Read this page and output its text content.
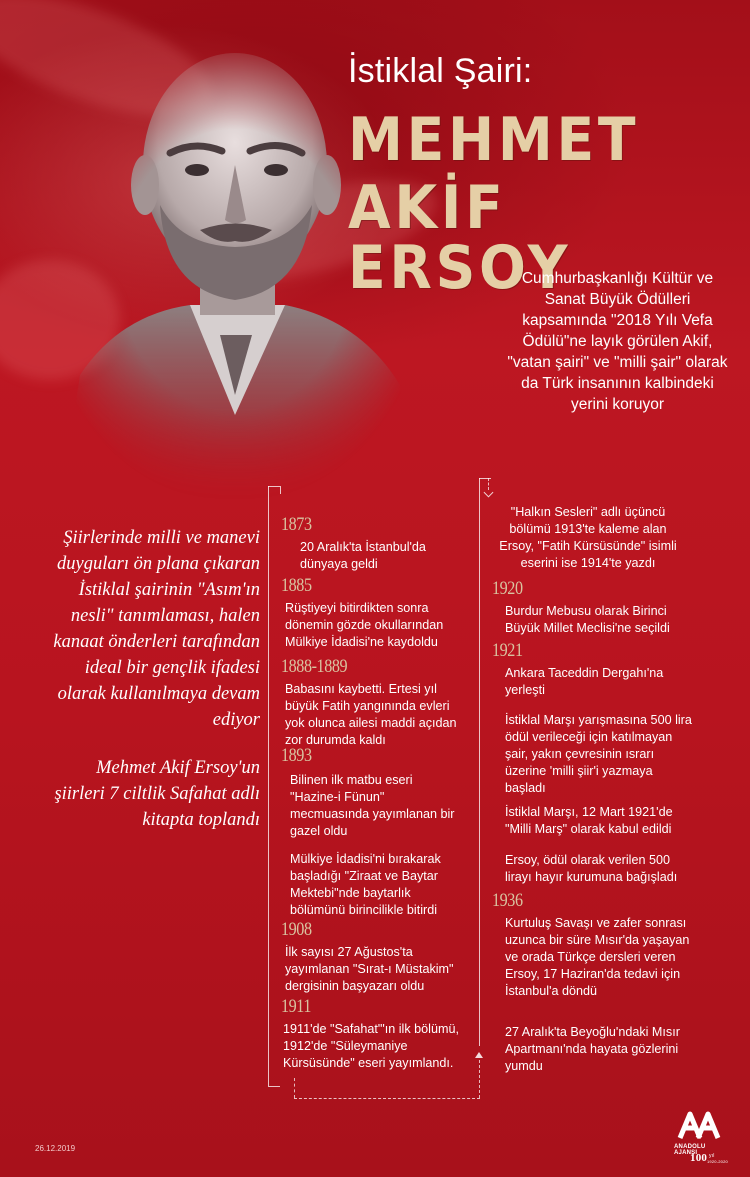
İstiklal Şairi:
MEHMET
AKİF ERSOY

Cumhurbaşkanlığı Kültür ve Sanat Büyük Ödülleri kapsamında "2018 Yılı Vefa Ödülü"ne layık görülen Akif, "vatan şairi" ve "milli şair" olarak da Türk insanının kalbindeki yerini koruyor

Şiirlerinde milli ve manevi duyguları ön plana çıkaran İstiklal şairinin "Asım'ın nesli" tanımlaması, halen kanaat önderleri tarafından ideal bir gençlik ifadesi olarak kullanılmaya devam ediyor

Mehmet Akif Ersoy'un şiirleri 7 ciltlik Safahat adlı kitapta toplandı

1873
20 Aralık'ta İstanbul'da dünyaya geldi
1885
Rüştiyeyi bitirdikten sonra dönemin gözde okullarından Mülkiye İdadisi'ne kaydoldu
1888-1889
Babasını kaybetti. Ertesi yıl büyük Fatih yangınında evleri yok olunca ailesi maddi açıdan zor durumda kaldı
1893
Bilinen ilk matbu eseri "Hazine-i Fünun" mecmuasında yayımlanan bir gazel oldu
Mülkiye İdadisi'ni bırakarak başladığı "Ziraat ve Baytar Mektebi"nde baytarlık bölümünü birincilikle bitirdi
1908
İlk sayısı 27 Ağustos'ta yayımlanan "Sırat-ı Müstakim" dergisinin başyazarı oldu
1911
1911'de "Safahat"'ın ilk bölümü, 1912'de "Süleymaniye Kürsüsünde" eseri yayımlandı.
"Halkın Sesleri" adlı üçüncü bölümü 1913'te kaleme alan Ersoy, "Fatih Kürsüsünde" isimli eserini ise 1914'te yazdı
1920
Burdur Mebusu olarak Birinci Büyük Millet Meclisi'ne seçildi
1921
Ankara Taceddin Dergahı'na yerleşti
İstiklal Marşı yarışmasına 500 lira ödül verileceği için katılmayan şair, yakın çevresinin ısrarı üzerine 'milli şiir'i yazmaya başladı
İstiklal Marşı, 12 Mart 1921'de "Milli Marş" olarak kabul edildi
Ersoy, ödül olarak verilen 500 lirayı hayır kurumuna bağışladı
1936
Kurtuluş Savaşı ve zafer sonrası uzunca bir süre Mısır'da yaşayan ve orada Türkçe dersleri veren Ersoy, 17 Haziran'da tedavi için İstanbul'a döndü
27 Aralık'ta Beyoğlu'ndaki Mısır Apartmanı'nda hayata gözlerini yumdu
26.12.2019	ANADOLU AJANSI
100 yıl
1920-2020
